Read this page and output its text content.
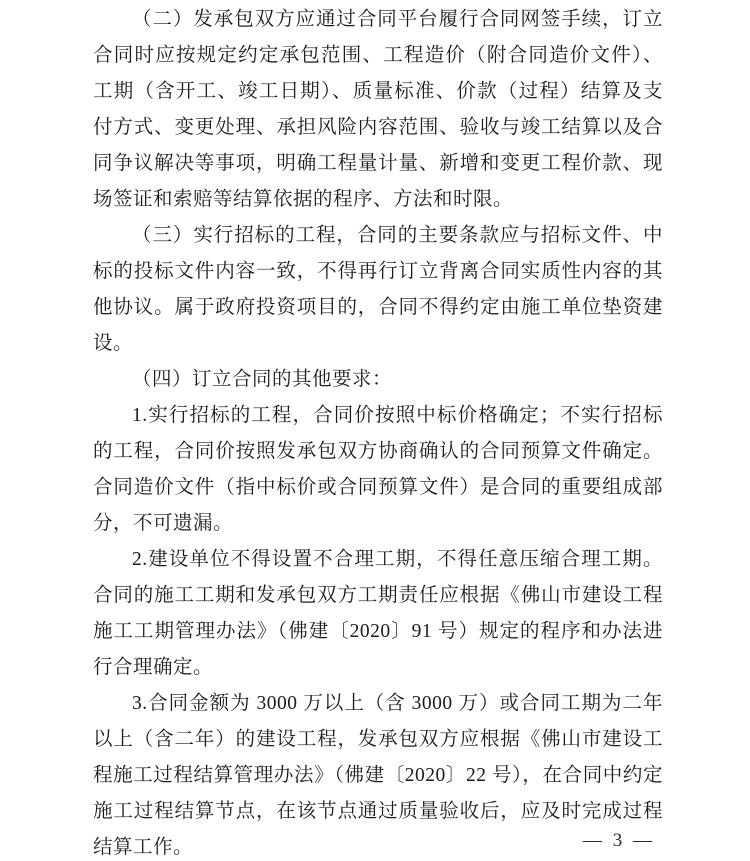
（二）发承包双方应通过合同平台履行合同网签手续，订立合同时应按规定约定承包范围、工程造价（附合同造价文件）、工期（含开工、竣工日期）、质量标准、价款（过程）结算及支付方式、变更处理、承担风险内容范围、验收与竣工结算以及合同争议解决等事项，明确工程量计量、新增和变更工程价款、现场签证和索赔等结算依据的程序、方法和时限。

（三）实行招标的工程，合同的主要条款应与招标文件、中标的投标文件内容一致，不得再行订立背离合同实质性内容的其他协议。属于政府投资项目的，合同不得约定由施工单位垫资建设。

（四）订立合同的其他要求：

1.实行招标的工程，合同价按照中标价格确定；不实行招标的工程，合同价按照发承包双方协商确认的合同预算文件确定。合同造价文件（指中标价或合同预算文件）是合同的重要组成部分，不可遗漏。

2.建设单位不得设置不合理工期，不得任意压缩合理工期。合同的施工工期和发承包双方工期责任应根据《佛山市建设工程施工工期管理办法》（佛建〔2020〕91 号）规定的程序和办法进行合理确定。

3.合同金额为 3000 万以上（含 3000 万）或合同工期为二年以上（含二年）的建设工程，发承包双方应根据《佛山市建设工程施工过程结算管理办法》（佛建〔2020〕22 号），在合同中约定施工过程结算节点，在该节点通过质量验收后，应及时完成过程结算工作。	— 3 —
